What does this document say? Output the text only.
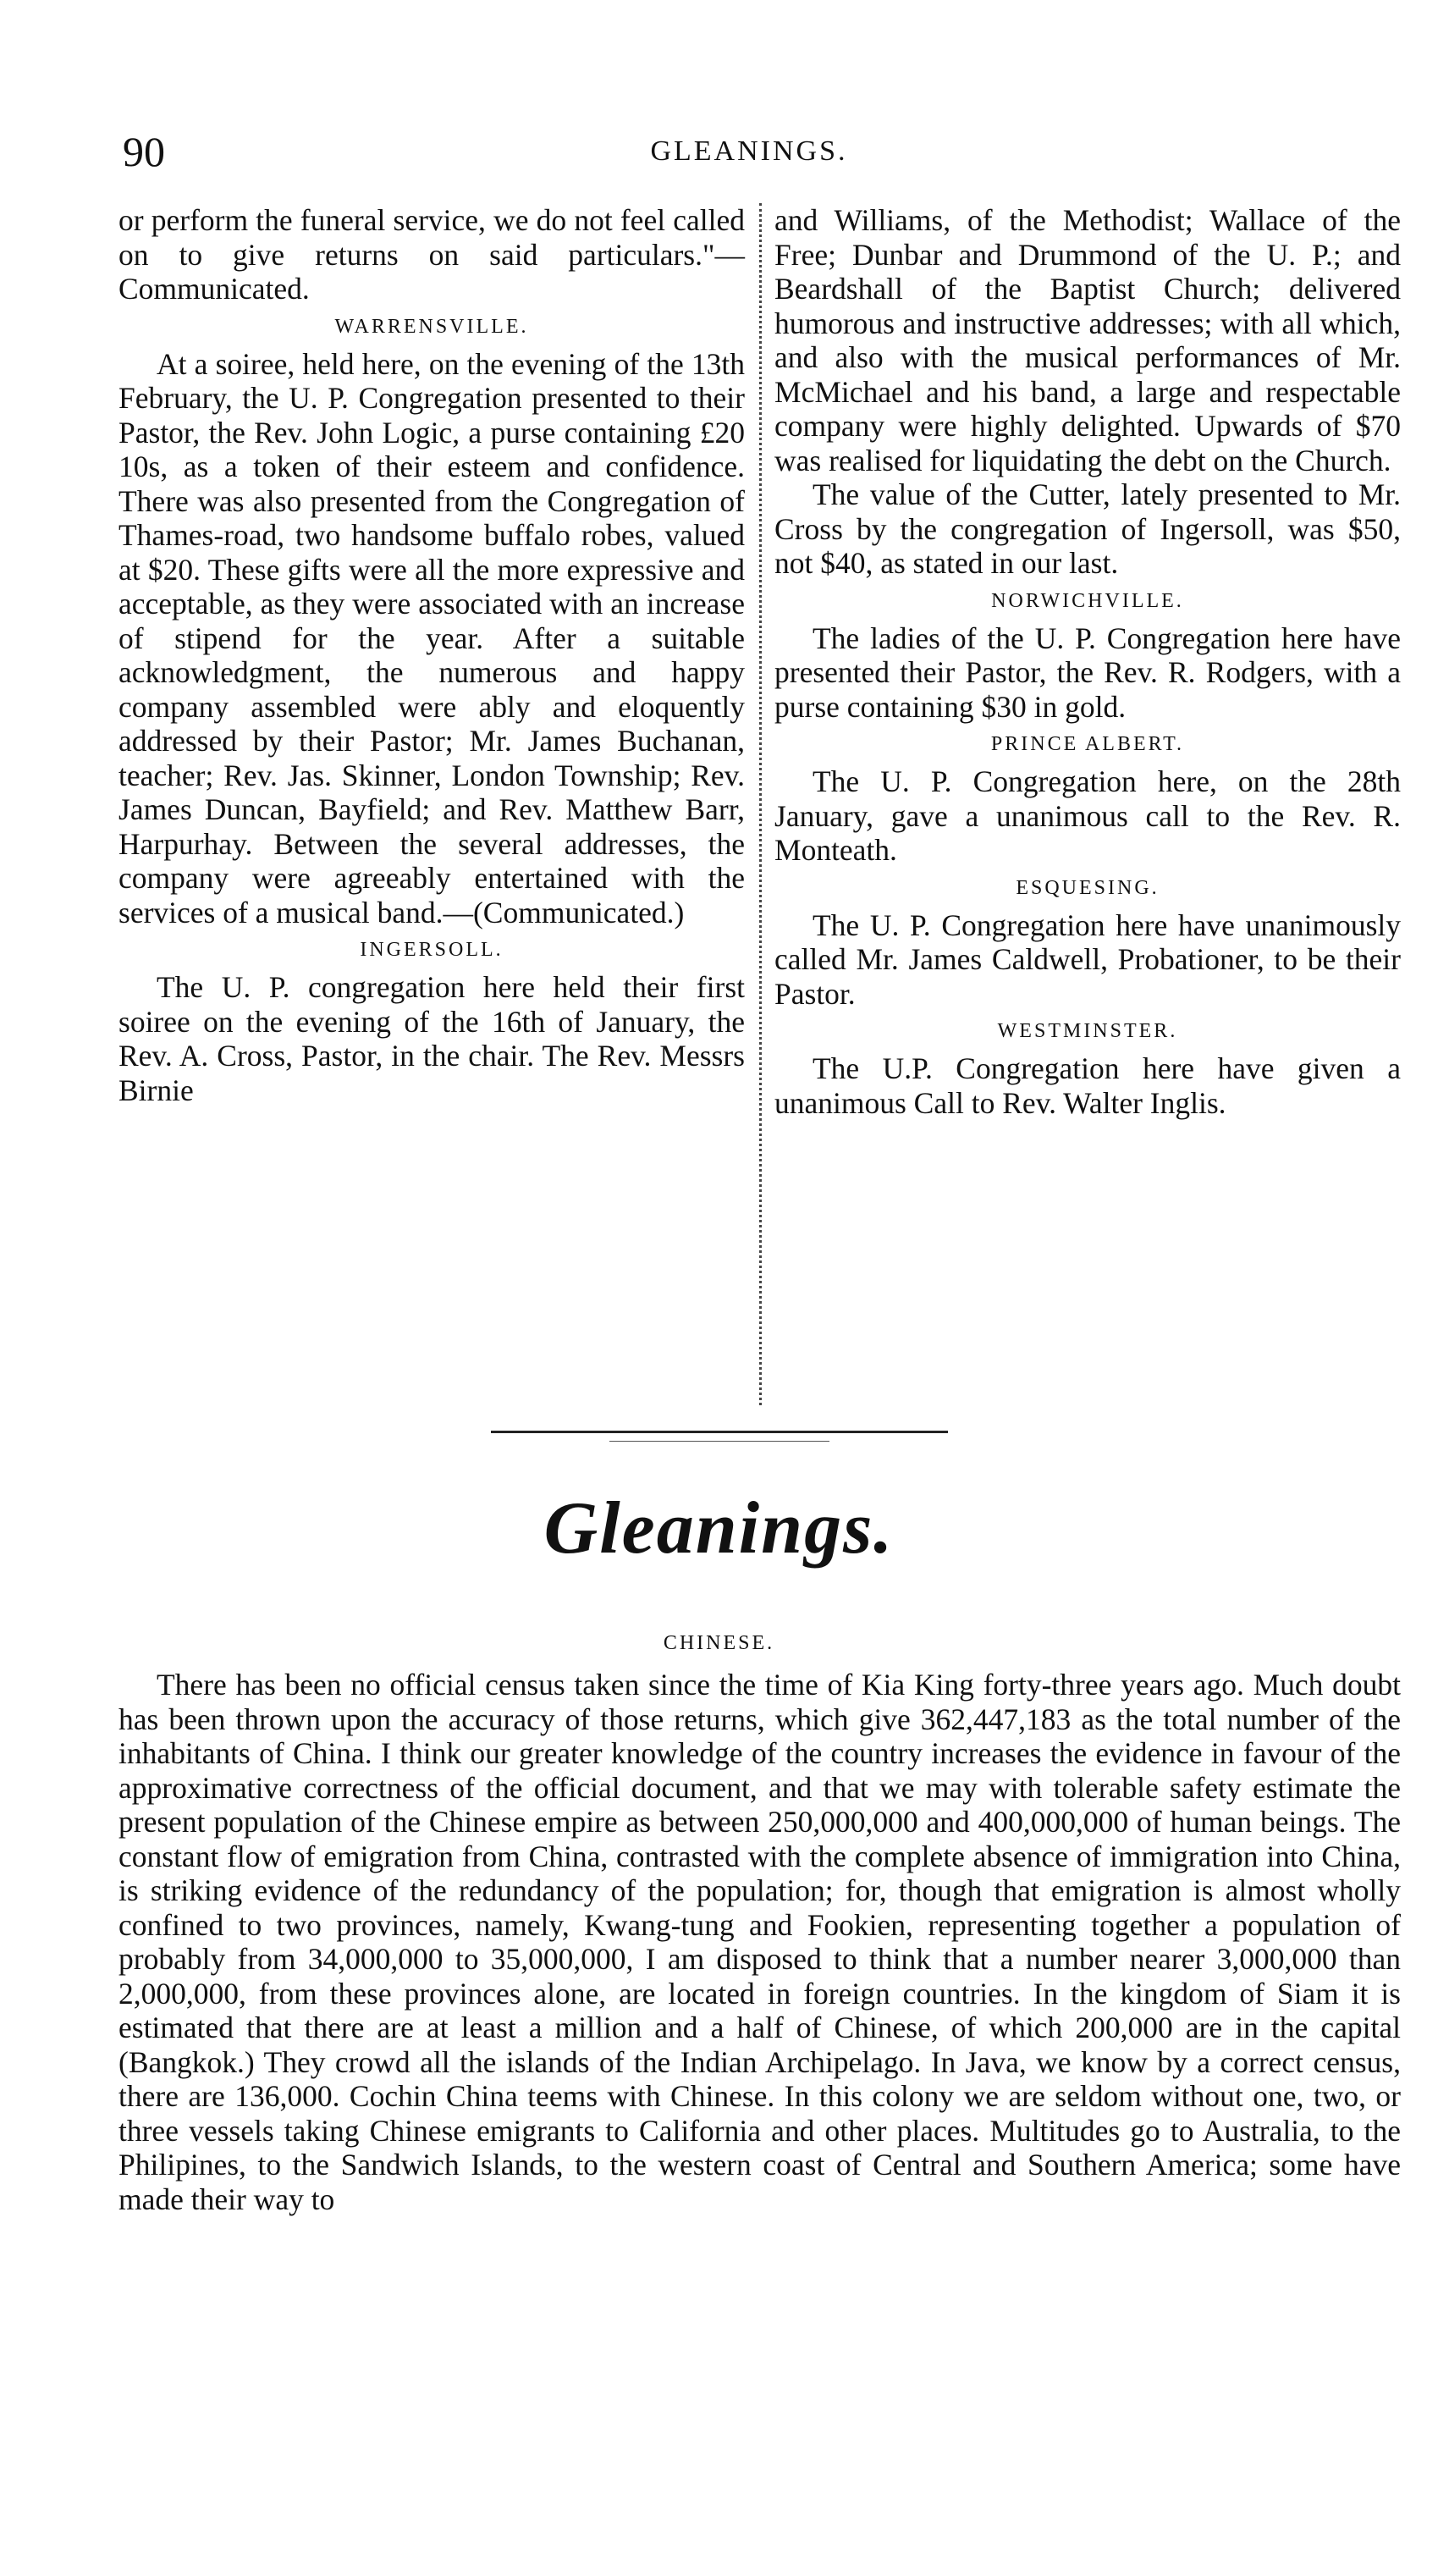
90	GLEANINGS.

or perform the funeral service, we do not feel called on to give returns on said particulars."—Communicated.

WARRENSVILLE.

At a soiree, held here, on the evening of the 13th February, the U. P. Congregation presented to their Pastor, the Rev. John Logic, a purse containing £20 10s, as a token of their esteem and confidence. There was also presented from the Congregation of Thames-road, two handsome buffalo robes, valued at $20. These gifts were all the more expressive and acceptable, as they were associated with an increase of stipend for the year. After a suitable acknowledgment, the numerous and happy company assembled were ably and eloquently addressed by their Pastor; Mr. James Buchanan, teacher; Rev. Jas. Skinner, London Township; Rev. James Duncan, Bayfield; and Rev. Matthew Barr, Harpurhay. Between the several addresses, the company were agreeably entertained with the services of a musical band.—(Communicated.)

INGERSOLL.

The U. P. congregation here held their first soiree on the evening of the 16th of January, the Rev. A. Cross, Pastor, in the chair. The Rev. Messrs Birnie

and Williams, of the Methodist; Wallace of the Free; Dunbar and Drummond of the U. P.; and Beardshall of the Baptist Church; delivered humorous and instructive addresses; with all which, and also with the musical performances of Mr. McMichael and his band, a large and respectable company were highly delighted. Upwards of $70 was realised for liquidating the debt on the Church.

The value of the Cutter, lately presented to Mr. Cross by the congregation of Ingersoll, was $50, not $40, as stated in our last.

NORWICHVILLE.

The ladies of the U. P. Congregation here have presented their Pastor, the Rev. R. Rodgers, with a purse containing $30 in gold.

PRINCE ALBERT.

The U. P. Congregation here, on the 28th January, gave a unanimous call to the Rev. R. Monteath.

ESQUESING.

The U. P. Congregation here have unanimously called Mr. James Caldwell, Probationer, to be their Pastor.

WESTMINSTER.

The U.P. Congregation here have given a unanimous Call to Rev. Walter Inglis.

Gleanings.
CHINESE.

There has been no official census taken since the time of Kia King forty-three years ago. Much doubt has been thrown upon the accuracy of those returns, which give 362,447,183 as the total number of the inhabitants of China. I think our greater knowledge of the country increases the evidence in favour of the approximative correctness of the official document, and that we may with tolerable safety estimate the present population of the Chinese empire as between 250,000,000 and 400,000,000 of human beings. The constant flow of emigration from China, contrasted with the complete absence of immigration into China, is striking evidence of the redundancy of the population; for, though that emigration is almost wholly confined to two provinces, namely, Kwang-tung and Fookien, representing together a population of probably from 34,000,000 to 35,000,000, I am disposed to think that a number nearer 3,000,000 than 2,000,000, from these provinces alone, are located in foreign countries. In the kingdom of Siam it is estimated that there are at least a million and a half of Chinese, of which 200,000 are in the capital (Bangkok.) They crowd all the islands of the Indian Archipelago. In Java, we know by a correct census, there are 136,000. Cochin China teems with Chinese. In this colony we are seldom without one, two, or three vessels taking Chinese emigrants to California and other places. Multitudes go to Australia, to the Philipines, to the Sandwich Islands, to the western coast of Central and Southern America; some have made their way to
